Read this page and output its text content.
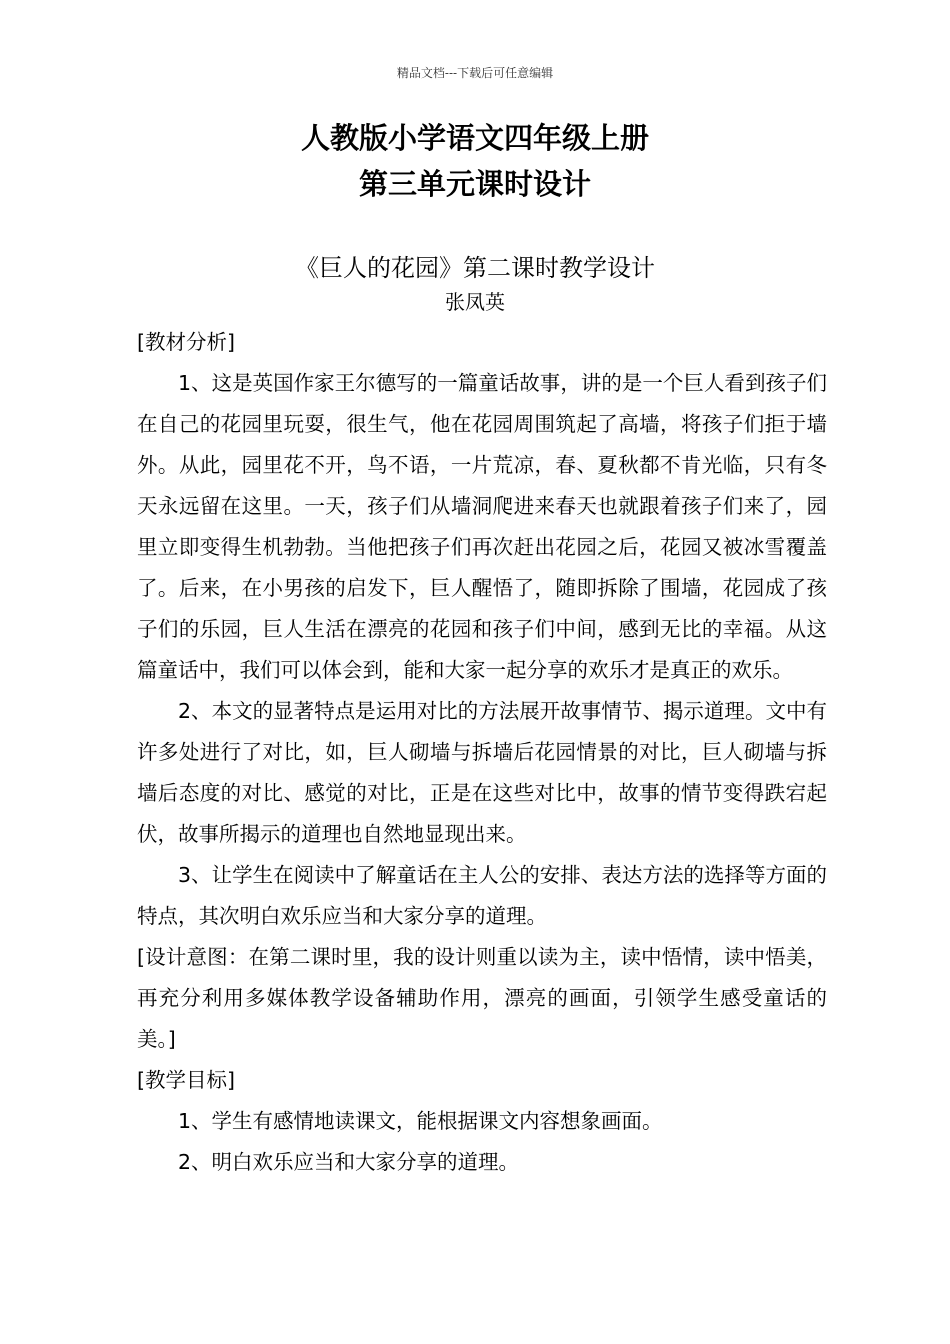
精品文档---下载后可任意编辑
人教版小学语文四年级上册
第三单元课时设计
《巨人的花园》第二课时教学设计
张凤英

[教材分析]

1、这是英国作家王尔德写的一篇童话故事，讲的是一个巨人看到孩子们在自己的花园里玩耍，很生气，他在花园周围筑起了高墙，将孩子们拒于墙外。从此，园里花不开，鸟不语，一片荒凉，春、夏秋都不肯光临，只有冬天永远留在这里。一天，孩子们从墙洞爬进来春天也就跟着孩子们来了，园里立即变得生机勃勃。当他把孩子们再次赶出花园之后，花园又被冰雪覆盖了。后来，在小男孩的启发下，巨人醒悟了，随即拆除了围墙，花园成了孩子们的乐园，巨人生活在漂亮的花园和孩子们中间，感到无比的幸福。从这篇童话中，我们可以体会到，能和大家一起分享的欢乐才是真正的欢乐。

2、本文的显著特点是运用对比的方法展开故事情节、揭示道理。文中有许多处进行了对比，如，巨人砌墙与拆墙后花园情景的对比，巨人砌墙与拆墙后态度的对比、感觉的对比，正是在这些对比中，故事的情节变得跌宕起伏，故事所揭示的道理也自然地显现出来。

3、让学生在阅读中了解童话在主人公的安排、表达方法的选择等方面的特点，其次明白欢乐应当和大家分享的道理。

[设计意图：在第二课时里，我的设计则重以读为主，读中悟情，读中悟美，再充分利用多媒体教学设备辅助作用，漂亮的画面，引领学生感受童话的美。]

[教学目标]

1、学生有感情地读课文，能根据课文内容想象画面。

2、明白欢乐应当和大家分享的道理。
